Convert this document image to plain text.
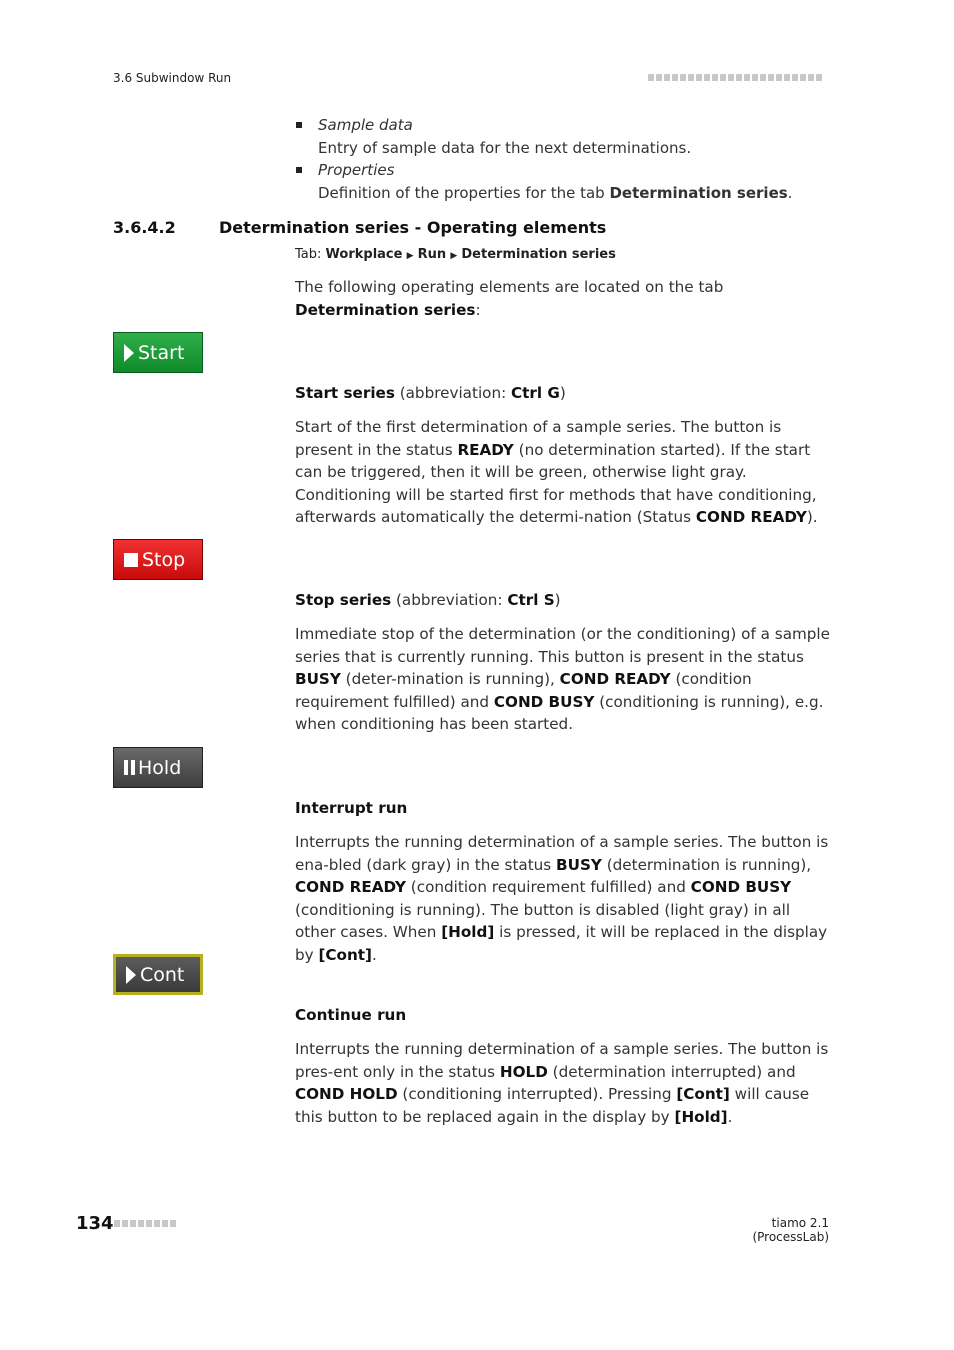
3.6 Subwindow Run
Sample data
Entry of sample data for the next determinations.
Properties
Definition of the properties for the tab Determination series.
3.6.4.2	Determination series - Operating elements
Tab: Workplace ▶ Run ▶ Determination series
The following operating elements are located on the tab Determination series:
Start
Start series (abbreviation: Ctrl G)
Start of the first determination of a sample series. The button is present in the status READY (no determination started). If the start can be triggered, then it will be green, otherwise light gray. Conditioning will be started first for methods that have conditioning, afterwards automatically the determi-nation (Status COND READY).
Stop
Stop series (abbreviation: Ctrl S)
Immediate stop of the determination (or the conditioning) of a sample series that is currently running. This button is present in the status BUSY (deter-mination is running), COND READY (condition requirement fulfilled) and COND BUSY (conditioning is running), e.g. when conditioning has been started.
Hold
Interrupt run
Interrupts the running determination of a sample series. The button is ena-bled (dark gray) in the status BUSY (determination is running), COND READY (condition requirement fulfilled) and COND BUSY (conditioning is running). The button is disabled (light gray) in all other cases. When [Hold] is pressed, it will be replaced in the display by [Cont].
Cont
Continue run
Interrupts the running determination of a sample series. The button is pres-ent only in the status HOLD (determination interrupted) and COND HOLD (conditioning interrupted). Pressing [Cont] will cause this button to be replaced again in the display by [Hold].
134	tiamo 2.1 (ProcessLab)
